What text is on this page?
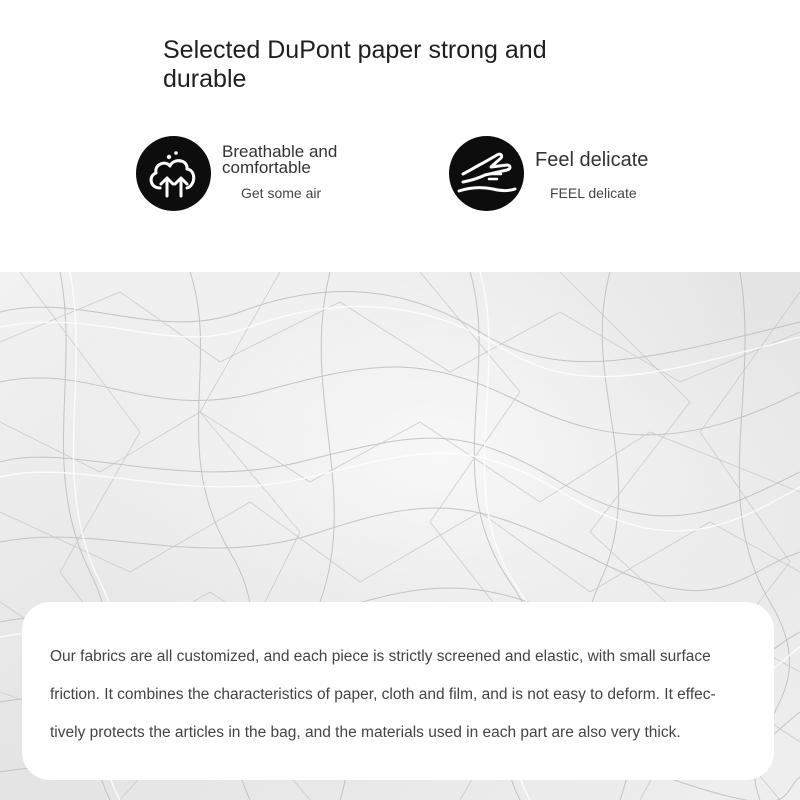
Selected DuPont paper strong and durable
Breathable and comfortable
Get some air
Feel delicate
FEEL delicate

Our fabrics are all customized, and each piece is strictly screened and elastic, with small surface friction. It combines the characteristics of paper, cloth and film, and is not easy to deform. It effec-tively protects the articles in the bag, and the materials used in each part are also very thick.
